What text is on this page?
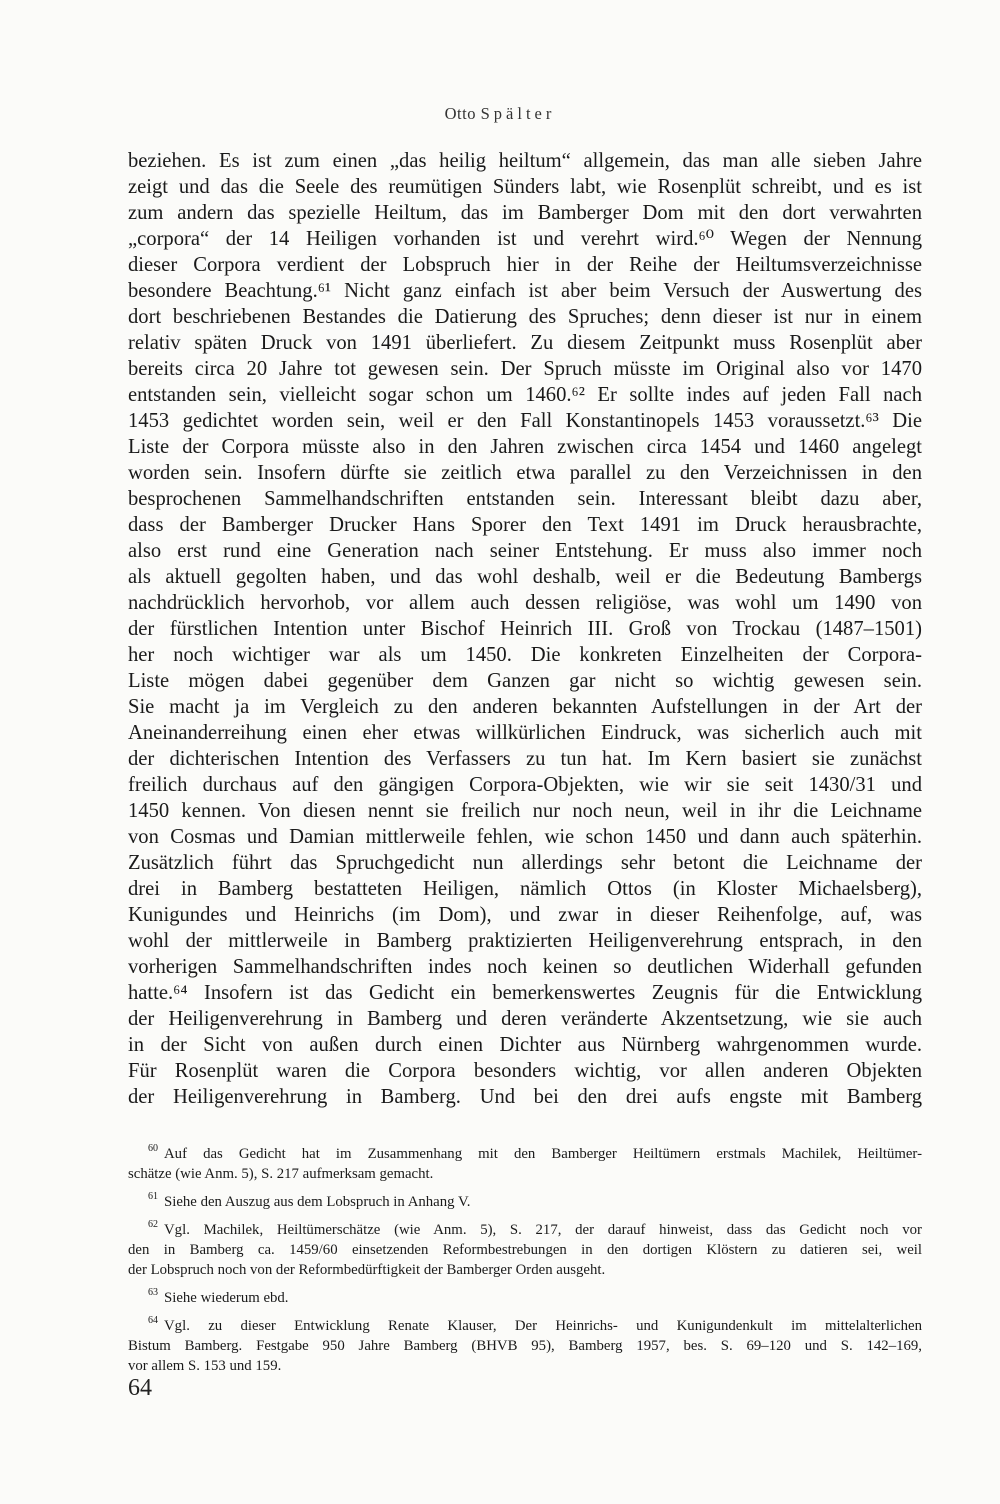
Otto Spälter
beziehen. Es ist zum einen „das heilig heiltum“ allgemein, das man alle sieben Jahre
zeigt und das die Seele des reumütigen Sünders labt, wie Rosenplüt schreibt, und es ist
zum andern das spezielle Heiltum, das im Bamberger Dom mit den dort verwahrten
„corpora“ der 14 Heiligen vorhanden ist und verehrt wird.⁶⁰ Wegen der Nennung
dieser Corpora verdient der Lobspruch hier in der Reihe der Heiltumsverzeichnisse
besondere Beachtung.⁶¹ Nicht ganz einfach ist aber beim Versuch der Auswertung des
dort beschriebenen Bestandes die Datierung des Spruches; denn dieser ist nur in einem
relativ späten Druck von 1491 überliefert. Zu diesem Zeitpunkt muss Rosenplüt aber
bereits circa 20 Jahre tot gewesen sein. Der Spruch müsste im Original also vor 1470
entstanden sein, vielleicht sogar schon um 1460.⁶² Er sollte indes auf jeden Fall nach
1453 gedichtet worden sein, weil er den Fall Konstantinopels 1453 voraussetzt.⁶³ Die
Liste der Corpora müsste also in den Jahren zwischen circa 1454 und 1460 angelegt
worden sein. Insofern dürfte sie zeitlich etwa parallel zu den Verzeichnissen in den
besprochenen Sammelhandschriften entstanden sein. Interessant bleibt dazu aber,
dass der Bamberger Drucker Hans Sporer den Text 1491 im Druck herausbrachte,
also erst rund eine Generation nach seiner Entstehung. Er muss also immer noch
als aktuell gegolten haben, und das wohl deshalb, weil er die Bedeutung Bambergs
nachdrücklich hervorhob, vor allem auch dessen religiöse, was wohl um 1490 von
der fürstlichen Intention unter Bischof Heinrich III. Groß von Trockau (1487–1501)
her noch wichtiger war als um 1450. Die konkreten Einzelheiten der Corpora-
Liste mögen dabei gegenüber dem Ganzen gar nicht so wichtig gewesen sein.
Sie macht ja im Vergleich zu den anderen bekannten Aufstellungen in der Art der
Aneinanderreihung einen eher etwas willkürlichen Eindruck, was sicherlich auch mit
der dichterischen Intention des Verfassers zu tun hat. Im Kern basiert sie zunächst
freilich durchaus auf den gängigen Corpora-Objekten, wie wir sie seit 1430/31 und
1450 kennen. Von diesen nennt sie freilich nur noch neun, weil in ihr die Leichname
von Cosmas und Damian mittlerweile fehlen, wie schon 1450 und dann auch späterhin.
Zusätzlich führt das Spruchgedicht nun allerdings sehr betont die Leichname der
drei in Bamberg bestatteten Heiligen, nämlich Ottos (in Kloster Michaelsberg),
Kunigundes und Heinrichs (im Dom), und zwar in dieser Reihenfolge, auf, was
wohl der mittlerweile in Bamberg praktizierten Heiligenverehrung entsprach, in den
vorherigen Sammelhandschriften indes noch keinen so deutlichen Widerhall gefunden
hatte.⁶⁴ Insofern ist das Gedicht ein bemerkenswertes Zeugnis für die Entwicklung
der Heiligenverehrung in Bamberg und deren veränderte Akzentsetzung, wie sie auch
in der Sicht von außen durch einen Dichter aus Nürnberg wahrgenommen wurde.
Für Rosenplüt waren die Corpora besonders wichtig, vor allen anderen Objekten
der Heiligenverehrung in Bamberg. Und bei den drei aufs engste mit Bamberg
$^{60}$ Auf das Gedicht hat im Zusammenhang mit den Bamberger Heiltümern erstmals Machilek, Heiltümer-
schätze (wie Anm. 5), S. 217 aufmerksam gemacht.
$^{61}$ Siehe den Auszug aus dem Lobspruch in Anhang V.
$^{62}$ Vgl. Machilek, Heiltümerschätze (wie Anm. 5), S. 217, der darauf hinweist, dass das Gedicht noch vor
den in Bamberg ca. 1459/60 einsetzenden Reformbestrebungen in den dortigen Klöstern zu datieren sei, weil
der Lobspruch noch von der Reformbedürftigkeit der Bamberger Orden ausgeht.
$^{63}$ Siehe wiederum ebd.
$^{64}$ Vgl. zu dieser Entwicklung Renate Klauser, Der Heinrichs- und Kunigundenkult im mittelalterlichen
Bistum Bamberg. Festgabe 950 Jahre Bamberg (BHVB 95), Bamberg 1957, bes. S. 69–120 und S. 142–169,
vor allem S. 153 und 159.
64
